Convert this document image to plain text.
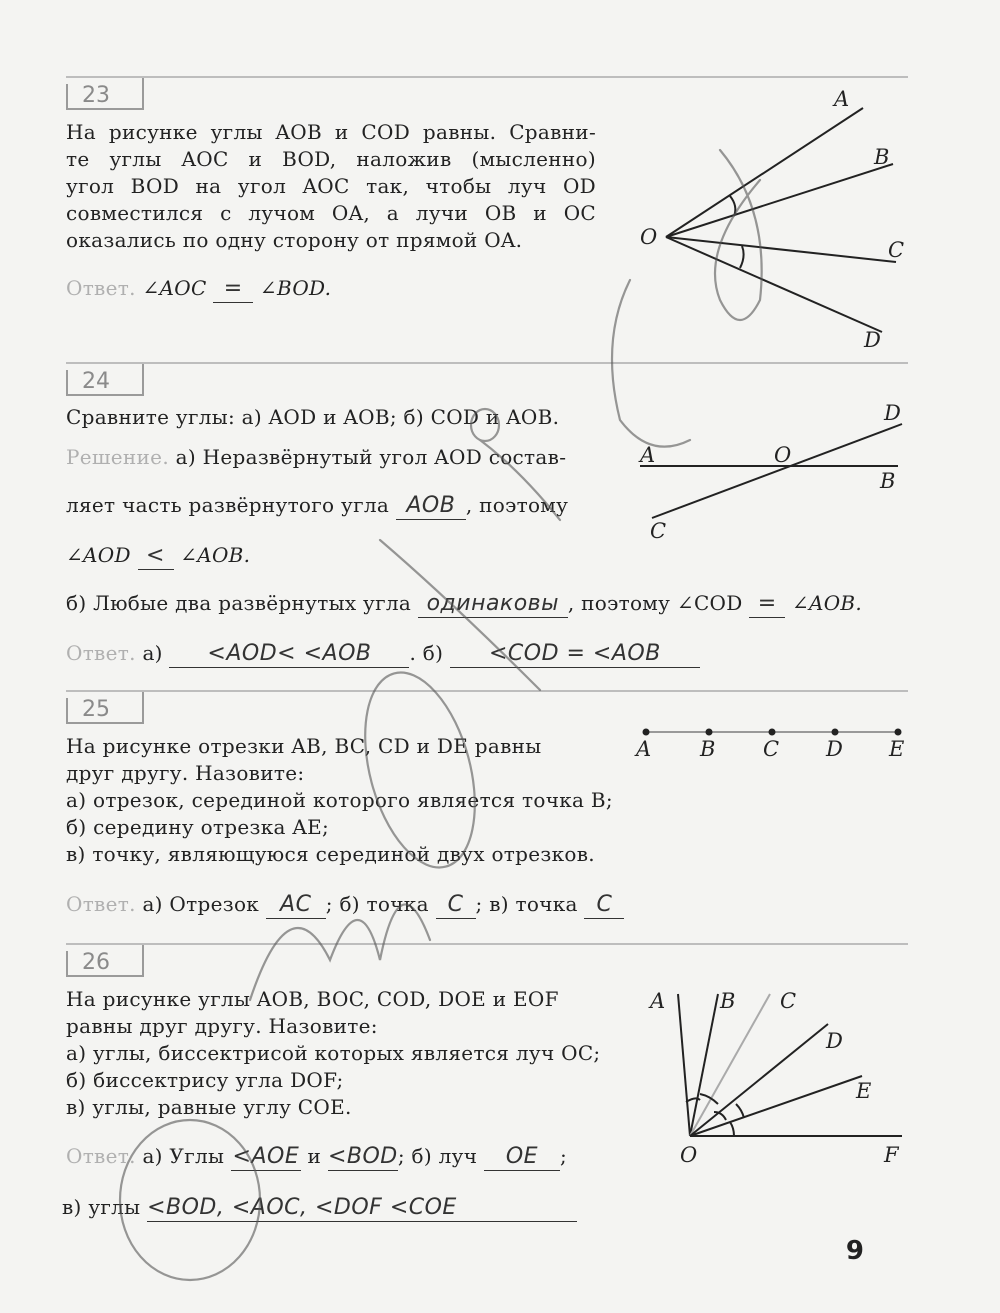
23
На рисунке углы AOB и COD равны. Сравни-
те углы AOC и BOD, наложив (мысленно)
угол BOD на угол AOC так, чтобы луч OD
совместился с лучом OA, а лучи OB и OC
оказались по одну сторону от прямой OA.
Ответ. ∠AOC = ∠BOD.
A
B
C
D
O
24
Сравните углы: а) AOD и AOB; б) COD и AOB.
Решение. а) Неразвёрнутый угол AOD состав-
ляет часть развёрнутого угла AOB , поэтому
∠AOD < ∠AOB.
б) Любые два развёрнутых угла одинаковы , поэтому ∠COD = ∠AOB.
Ответ. а) <AOD< <AOB . б) <COD = <AOB
A	O
B
C
D
25
На рисунке отрезки AB, BC, CD и DE равны
друг другу. Назовите:
а) отрезок, серединой которого является точка B;
б) середину отрезка AE;
в) точку, являющуюся серединой двух отрезков.
Ответ. а) Отрезок AC ; б) точка C ; в) точка C
A B C D E
26
На рисунке углы AOB, BOC, COD, DOE и EOF
равны друг другу. Назовите:
а) углы, биссектрисой которых является луч OC;
б) биссектрису угла DOF;
в) углы, равные углу COE.
Ответ. а) Углы <AOE и <BOD; б) луч OE ;
в) углы <BOD, <AOC, <DOF <COE
A	B C
D
E
O	F
9
